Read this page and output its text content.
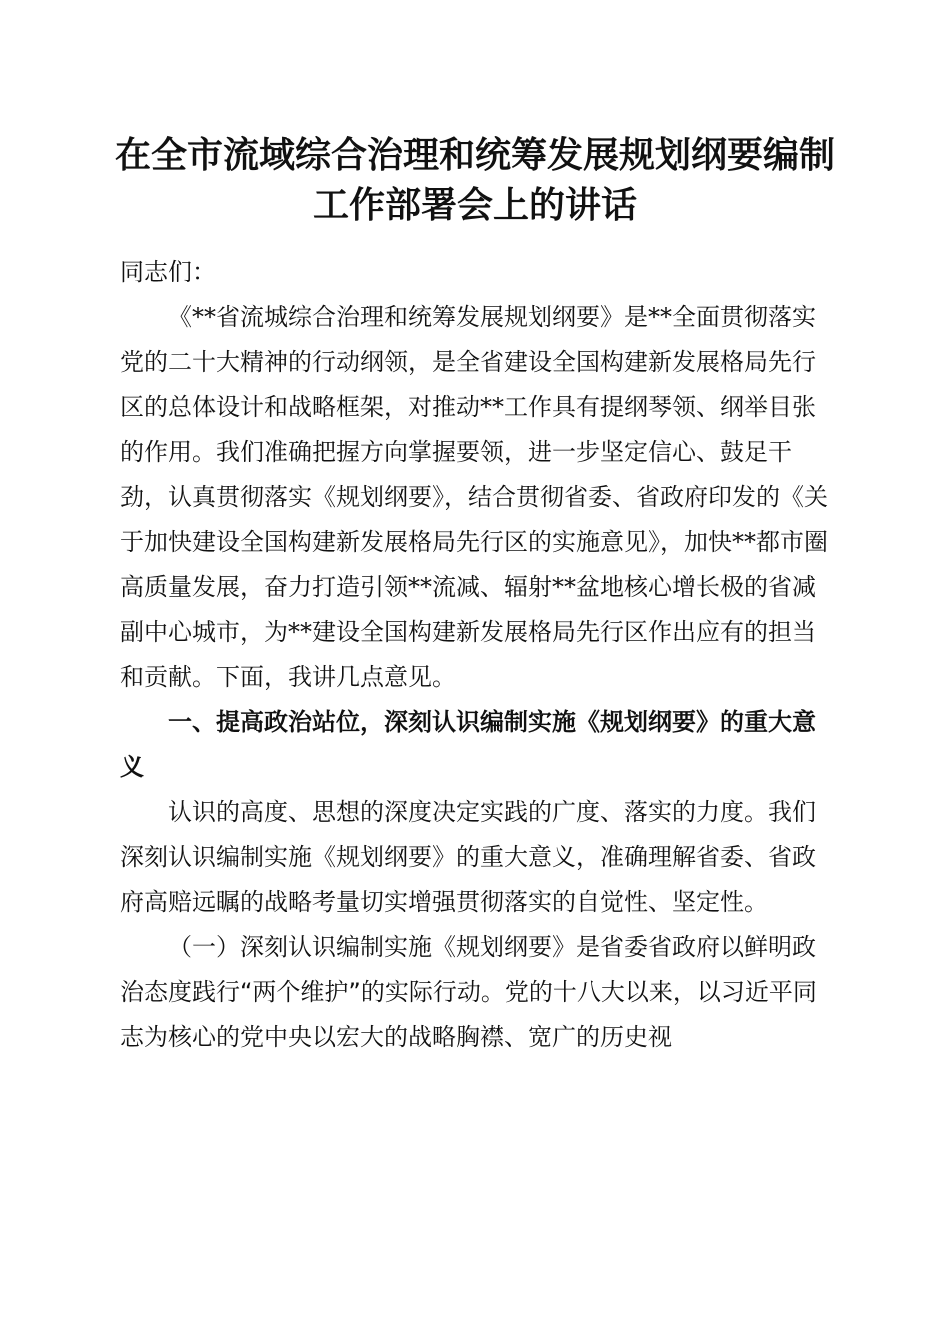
在全市流域综合治理和统筹发展规划纲要编制
工作部署会上的讲话

同志们：

《**省流城综合治理和统筹发展规划纲要》是**全面贯彻落实党的二十大精神的行动纲领，是全省建设全国构建新发展格局先行区的总体设计和战略框架，对推动**工作具有提纲琴领、纲举目张的作用。我们准确把握方向掌握要领，进一步坚定信心、鼓足干劲，认真贯彻落实《规划纲要》，结合贯彻省委、省政府印发的《关于加快建设全国构建新发展格局先行区的实施意见》，加快**都市圈高质量发展，奋力打造引领**流减、辐射**盆地核心增长极的省减副中心城市，为**建设全国构建新发展格局先行区作出应有的担当和贡献。下面，我讲几点意见。

一、提高政治站位，深刻认识编制实施《规划纲要》的重大意义

认识的高度、思想的深度决定实践的广度、落实的力度。我们深刻认识编制实施《规划纲要》的重大意义，准确理解省委、省政府高赔远瞩的战略考量切实增强贯彻落实的自觉性、坚定性。

（一）深刻认识编制实施《规划纲要》是省委省政府以鲜明政治态度践行“两个维护”的实际行动。党的十八大以来，以习近平同志为核心的党中央以宏大的战略胸襟、宽广的历史视
